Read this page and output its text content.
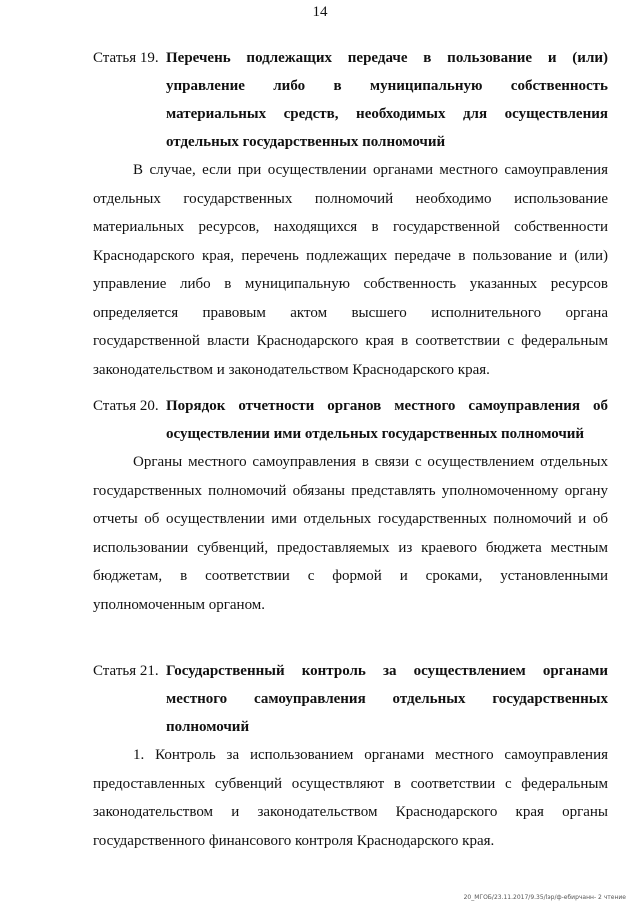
14
Статья 19. Перечень подлежащих передаче в пользование и (или) управление либо в муниципальную собственность материальных средств, необходимых для осуществления отдельных государственных полномочий

В случае, если при осуществлении органами местного самоуправления отдельных государственных полномочий необходимо использование материальных ресурсов, находящихся в государственной собственности Краснодарского края, перечень подлежащих передаче в пользование и (или) управление либо в муниципальную собственность указанных ресурсов определяется правовым актом высшего исполнительного органа государственной власти Краснодарского края в соответствии с федеральным законодательством и законодательством Краснодарского края.

Статья 20. Порядок отчетности органов местного самоуправления об осуществлении ими отдельных государственных полномочий

Органы местного самоуправления в связи с осуществлением отдельных государственных полномочий обязаны представлять уполномоченному органу отчеты об осуществлении ими отдельных государственных полномочий и об использовании субвенций, предоставляемых из краевого бюджета местным бюджетам, в соответствии с формой и сроками, установленными уполномоченным органом.

Статья 21. Государственный контроль за осуществлением органами местного самоуправления отдельных государственных полномочий

1. Контроль за использованием органами местного самоуправления предоставленных субвенций осуществляют в соответствии с федеральным законодательством и законодательством Краснодарского края органы государственного финансового контроля Краснодарского края.

20_МГОБ/23.11.2017/9.35/lэр/ф-ебирчанн- 2 чтение
